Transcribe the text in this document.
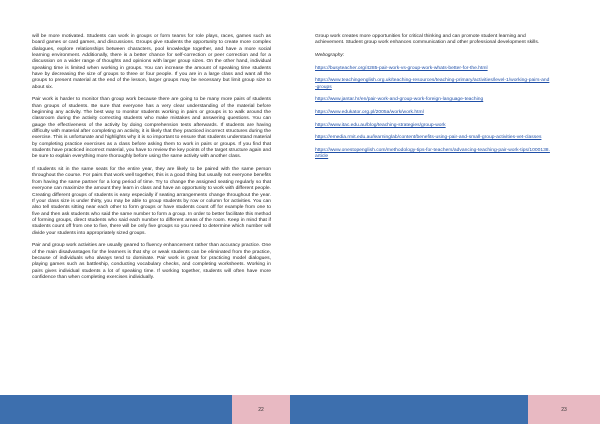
will be more motivated. Students can work in groups or form teams for role plays, races, games such as board games or card games, and discussions. Groups give students the opportunity to create more complex dialogues, explore relationships between characters, pool knowledge together, and have a more social learning environment. Additionally, there is a better chance for self-correction or peer correction and for a discussion on a wider range of thoughts and opinions with larger group sizes. On the other hand, individual speaking time is limited when working in groups. You can increase the amount of speaking time students have by decreasing the size of groups to three or four people. If you are in a large class and want all the groups to present material at the end of the lesson, larger groups may be necessary but limit group size to about six.

Pair work is harder to monitor than group work because there are going to be many more pairs of students than groups of students. Be sure that everyone has a very clear understanding of the material before beginning any activity. The best way to monitor students working in pairs or groups is to walk around the classroom during the activity correcting students who make mistakes and answering questions. You can gauge the effectiveness of the activity by doing comprehension tests afterwards. If students are having difficulty with material after completing an activity, it is likely that they practiced incorrect structures during the exercise. This is unfortunate and highlights why it is so important to ensure that students understand material by completing practice exercises as a class before asking them to work in pairs or groups. If you find that students have practiced incorrect material, you have to review the key points of the target structure again and be sure to explain everything more thoroughly before using the same activity with another class.

If students sit in the same seats for the entire year, they are likely to be paired with the same person throughout the course. For pairs that work well together, this is a good thing but usually not everyone benefits from having the same partner for a long period of time. Try to change the assigned seating regularly so that everyone can maximize the amount they learn in class and have an opportunity to work with different people. Creating different groups of students is easy especially if seating arrangements change throughout the year. If your class size is under thirty, you may be able to group students by row or column for activities. You can also tell students sitting near each other to form groups or have students count off for example from one to five and then ask students who said the same number to form a group. In order to better facilitate this method of forming groups, direct students who said each number to different areas of the room. Keep in mind that if students count off from one to five, there will be only five groups so you need to determine which number will divide your students into appropriately sized groups.

Pair and group work activities are usually geared to fluency enhancement rather than accuracy practice. One of the main disadvantages for the learners is that shy or weak students can be eliminated from the practice, because of individuals who always tend to dominate. Pair work is great for practicing model dialogues, playing games such as battleship, conducting vocabulary checks, and completing worksheets. Working in pairs gives individual students a lot of speaking time. If working together, students will often have more confidence than when completing exercises individually.

Group work creates more opportunities for critical thinking and can promote student learning and achievement. Student group work enhances communication and other professional development skills.

Webography:

https://busyteacher.org/4285-pair-work-vs-group-work-whats-better-for-the.html
https://www.teachingenglish.org.uk/teaching-resources/teaching-primary/activities/level-1/working-pairs-and-groups
https://www.jantar.hr/en/pair-work-and-group-work-foreign-language-teaching
https://www.edukator.org.pl/2005a/work/work.html
https://www.itac.edu.au/blog/teaching-strategies/group-work
https://emedia.rmit.edu.au/learninglab/content/benefits-using-pair-and-small-group-activities-vet-classes
https://www.onestopenglish.com/methodology-tips-for-teachers/advancing-teaching-pair-work-tips/1000138.article
22	23
